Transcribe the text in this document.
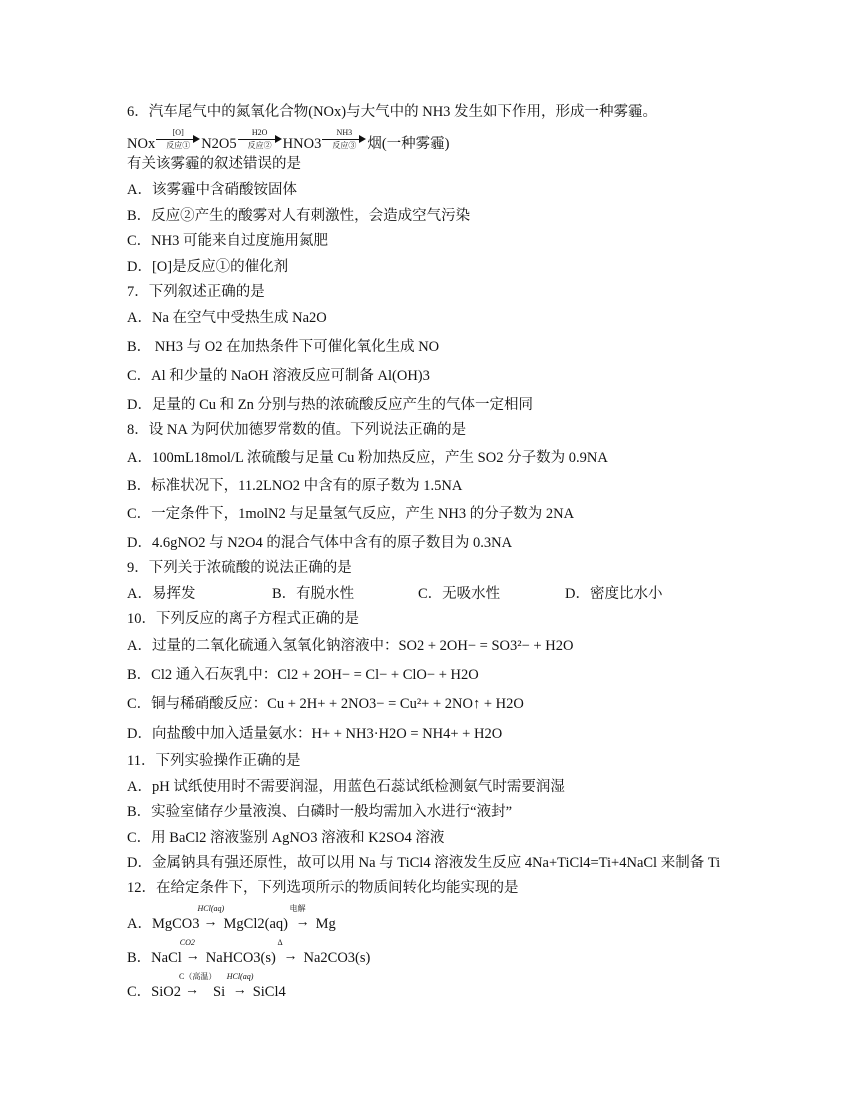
6．汽车尾气中的氮氧化合物(NOx)与大气中的 NH3 发生如下作用，形成一种雾霾。
NOx
[O]
反应① N2O5
H2O
反应② HNO3
NH3
反应③ 烟(一种雾霾)
有关该雾霾的叙述错误的是
A．该雾霾中含硝酸铵固体
B．反应②产生的酸雾对人有刺激性，会造成空气污染
C．NH3 可能来自过度施用氮肥
D．[O]是反应①的催化剂
7．下列叙述正确的是
A．Na 在空气中受热生成 Na2O
B． NH3 与 O2 在加热条件下可催化氧化生成 NO
C．Al 和少量的 NaOH 溶液反应可制备 Al(OH)3
D．足量的 Cu 和 Zn 分别与热的浓硫酸反应产生的气体一定相同
8．设 NA 为阿伏加德罗常数的值。下列说法正确的是
A．100mL18mol/L 浓硫酸与足量 Cu 粉加热反应，产生 SO2 分子数为 0.9NA
B．标准状况下，11.2LNO2 中含有的原子数为 1.5NA
C．一定条件下，1molN2 与足量氢气反应，产生 NH3 的分子数为 2NA
D．4.6gNO2 与 N2O4 的混合气体中含有的原子数目为 0.3NA
9．下列关于浓硫酸的说法正确的是
A．易挥发	B．有脱水性	C．无吸水性	D．密度比水小
10．下列反应的离子方程式正确的是
A．过量的二氧化硫通入氢氧化钠溶液中：SO2 + 2OH− = SO3²− + H2O
B．Cl2 通入石灰乳中：Cl2 + 2OH− = Cl− + ClO− + H2O
C．铜与稀硝酸反应：Cu + 2H+ + 2NO3− = Cu²+ + 2NO↑ + H2O
D．向盐酸中加入适量氨水：H+ + NH3·H2O = NH4+ + H2O
11．下列实验操作正确的是
A．pH 试纸使用时不需要润湿，用蓝色石蕊试纸检测氨气时需要润湿
B．实验室储存少量液溴、白磷时一般均需加入水进行“液封”
C．用 BaCl2 溶液鉴别 AgNO3 溶液和 K2SO4 溶液
D．金属钠具有强还原性，故可以用 Na 与 TiCl4 溶液发生反应 4Na+TiCl4=Ti+4NaCl 来制备 Ti
12．在给定条件下，下列选项所示的物质间转化均能实现的是
A．MgCO3
HCl(aq)
→ MgCl2(aq)
电解
→ Mg
B．NaCl
CO2
→ NaHCO3(s)
Δ
→ Na2CO3(s)
C．SiO2
C（高温）
→ Si
HCl(aq)
→ SiCl4
